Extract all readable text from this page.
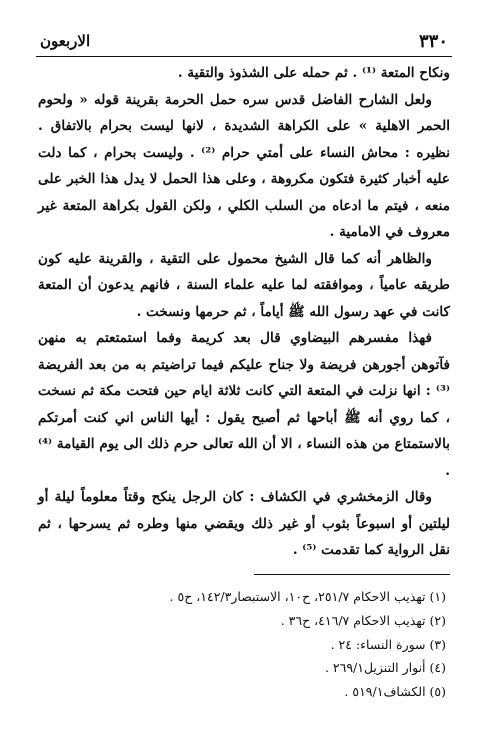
٣٣٠
الاربعون

ونكاح المتعة ⁽¹⁾ . ثم حمله على الشذوذ والتقية .

ولعل الشارح الفاضل قدس سره حمل الحرمة بقرينة قوله « ولحوم الحمر الاهلية » على الكراهة الشديدة ، لانها ليست بحرام بالاتفاق . نظيره : محاش النساء على أمتي حرام ⁽²⁾ . وليست بحرام ، كما دلت عليه أخبار كثيرة فتكون مكروهة ، وعلى هذا الحمل لا يدل هذا الخبر على منعه ، فيتم ما ادعاه من السلب الكلي ، ولكن القول بكراهة المتعة غير معروف في الامامية .

والظاهر أنه كما قال الشيخ محمول على التقية ، والقرينة عليه كون طريقه عامياً ، وموافقته لما عليه علماء السنة ، فانهم يدعون أن المتعة كانت في عهد رسول الله ﷺ أياماً ، ثم حرمها ونسخت .

فهذا مفسرهم البيضاوي قال بعد كريمة وفما استمتعتم به منهن فآتوهن أجورهن فريضة ولا جناح عليكم فيما تراضيتم به من بعد الفريضة ⁽³⁾ : انها نزلت في المتعة التي كانت ثلاثة ايام حين فتحت مكة ثم نسخت ، كما روي أنه ﷺ أباحها ثم أصبح يقول : أيها الناس اني كنت أمرتكم بالاستمتاع من هذه النساء ، الا أن الله تعالى حرم ذلك الى يوم القيامة ⁽⁴⁾ .

وقال الزمخشري في الكشاف : كان الرجل ينكح وقتاً معلوماً ليلة أو ليلتين أو اسبوعاً بثوب أو غير ذلك ويقضي منها وطره ثم يسرحها ، ثم نقل الرواية كما تقدمت ⁽⁵⁾ .

(١) تهذيب الاحكام ٢٥١/٧، ح١٠، الاستبصار١٤٢/٣، ح٥ .
(٢) تهذيب الاحكام ٤١٦/٧، ح٣٦ .
(٣) سورة النساء: ٢٤ .
(٤) أنوار التنزيل٢٦٩/١ .
(٥) الكشاف٥١٩/١ .
